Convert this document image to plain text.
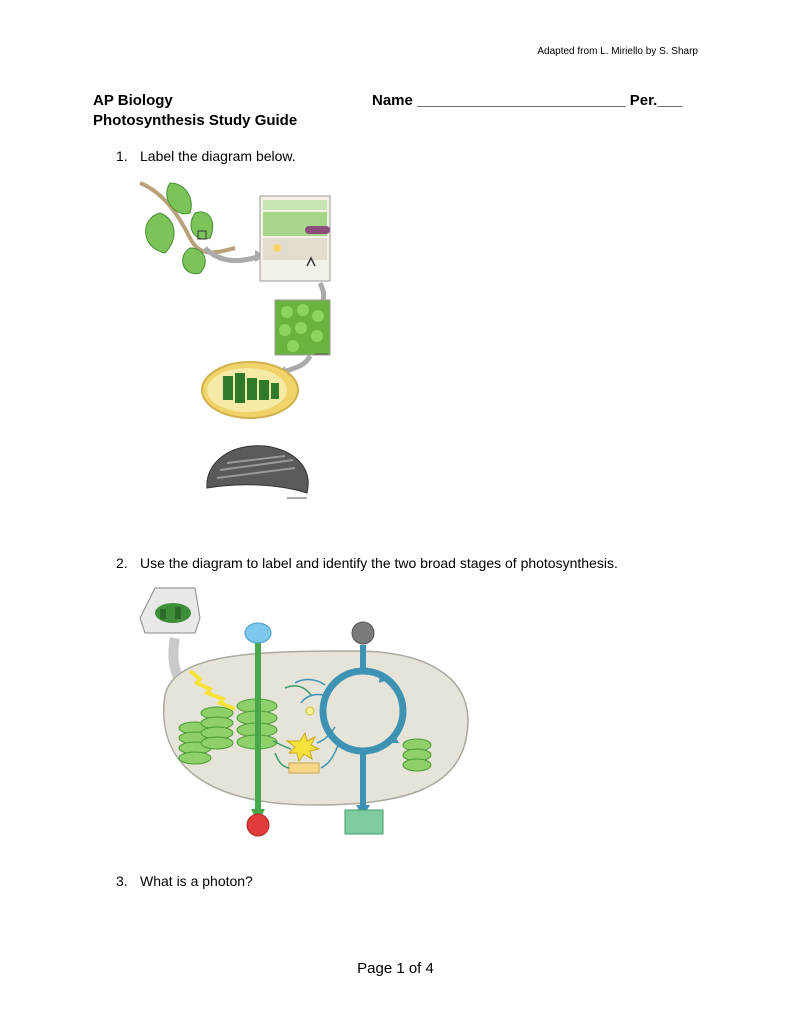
Adapted from L. Miriello by S. Sharp
AP Biology
Photosynthesis Study Guide
Name _________________________ Per.___
1. Label the diagram below.
2. Use the diagram to label and identify the two broad stages of photosynthesis.
3. What is a photon?
Page 1 of 4
